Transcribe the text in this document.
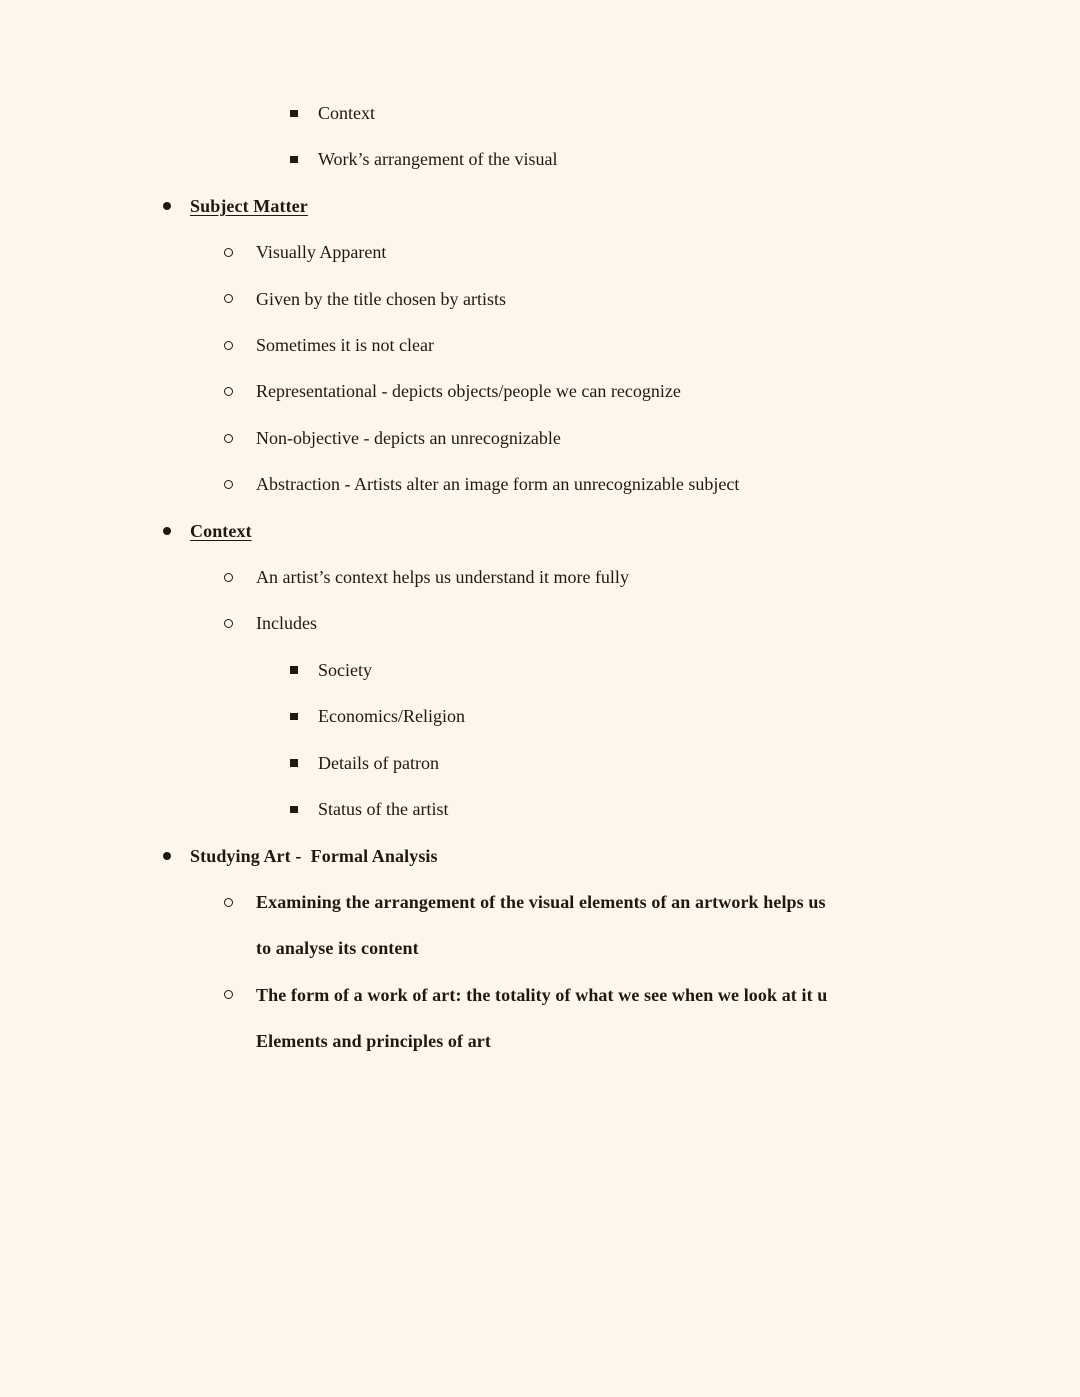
Context
Work’s arrangement of the visual
Subject Matter
Visually Apparent
Given by the title chosen by artists
Sometimes it is not clear
Representational - depicts objects/people we can recognize
Non-objective - depicts an unrecognizable
Abstraction - Artists alter an image form an unrecognizable subject
Context
An artist’s context helps us understand it more fully
Includes
Society
Economics/Religion
Details of patron
Status of the artist
Studying Art -  Formal Analysis
Examining the arrangement of the visual elements of an artwork helps us
to analyse its content
The form of a work of art: the totality of what we see when we look at it u
Elements and principles of art
